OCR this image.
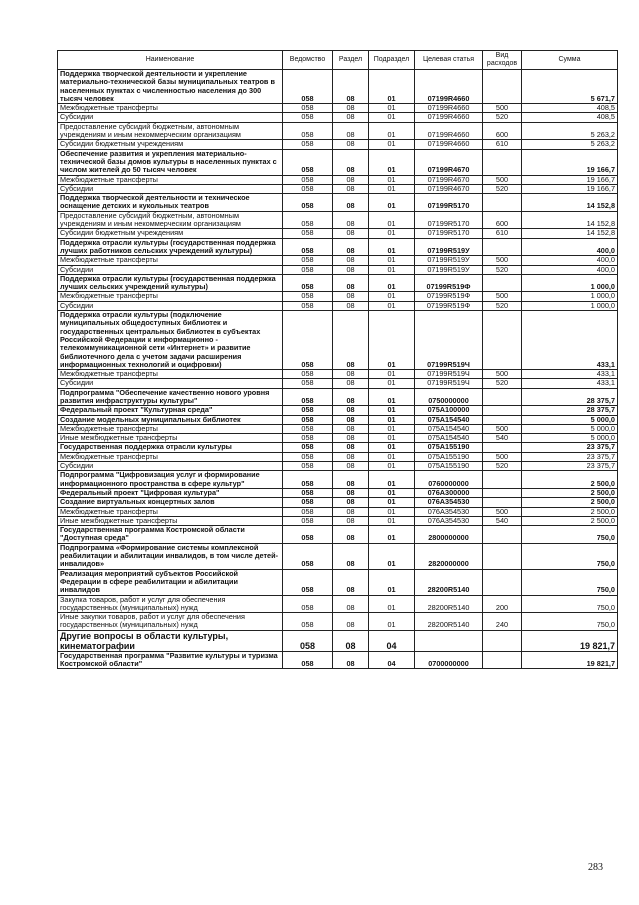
Наименование	Ведомство	Раздел	Подраздел	Целевая статья	Вид расходов	Сумма
Поддержка творческой деятельности и укрепление материально-технической базы муниципальных театров в населенных пунктах с численностью населения до 300 тысяч человек	058	08	01	07199R4660		5 671,7
Межбюджетные трансферты	058	08	01	07199R4660	500	408,5
Субсидии	058	08	01	07199R4660	520	408,5
Предоставление субсидий бюджетным, автономным учреждениям и иным некоммерческим организациям	058	08	01	07199R4660	600	5 263,2
Субсидии бюджетным учреждениям	058	08	01	07199R4660	610	5 263,2
Обеспечение развития и укрепления материально-технической базы домов культуры в населенных пунктах с числом жителей до 50 тысяч человек	058	08	01	07199R4670		19 166,7
Межбюджетные трансферты	058	08	01	07199R4670	500	19 166,7
Субсидии	058	08	01	07199R4670	520	19 166,7
Поддержка творческой деятельности и техническое оснащение детских и кукольных театров	058	08	01	07199R5170		14 152,8
Предоставление субсидий бюджетным, автономным учреждениям и иным некоммерческим организациям	058	08	01	07199R5170	600	14 152,8
Субсидии бюджетным учреждениям	058	08	01	07199R5170	610	14 152,8
Поддержка отрасли культуры (государственная поддержка лучших работников сельских учреждений культуры)	058	08	01	07199R519У		400,0
Межбюджетные трансферты	058	08	01	07199R519У	500	400,0
Субсидии	058	08	01	07199R519У	520	400,0
Поддержка отрасли культуры (государственная поддержка лучших сельских учреждений культуры)	058	08	01	07199R519Ф		1 000,0
Межбюджетные трансферты	058	08	01	07199R519Ф	500	1 000,0
Субсидии	058	08	01	07199R519Ф	520	1 000,0
Поддержка отрасли культуры (подключение муниципальных общедоступных библиотек и государственных центральных библиотек в субъектах Российской Федерации к информационно - телекоммуникационной сети «Интернет» и развитие библиотечного дела с учетом задачи расширения информационных технологий и оцифровки)	058	08	01	07199R519Ч		433,1
Межбюджетные трансферты	058	08	01	07199R519Ч	500	433,1
Субсидии	058	08	01	07199R519Ч	520	433,1
Подпрограмма "Обеспечение качественно нового уровня развития инфраструктуры культуры"	058	08	01	0750000000		28 375,7
Федеральный проект "Культурная среда"	058	08	01	075A100000		28 375,7
Создание модельных муниципальных библиотек	058	08	01	075A154540		5 000,0
Межбюджетные трансферты	058	08	01	075A154540	500	5 000,0
Иные межбюджетные трансферты	058	08	01	075A154540	540	5 000,0
Государственная поддержка отрасли культуры	058	08	01	075A155190		23 375,7
Межбюджетные трансферты	058	08	01	075A155190	500	23 375,7
Субсидии	058	08	01	075A155190	520	23 375,7
Подпрограмма "Цифровизация услуг и формирование информационного пространства в сфере культур"	058	08	01	0760000000		2 500,0
Федеральный проект "Цифровая культура"	058	08	01	076A300000		2 500,0
Создание виртуальных концертных залов	058	08	01	076A354530		2 500,0
Межбюджетные трансферты	058	08	01	076A354530	500	2 500,0
Иные межбюджетные трансферты	058	08	01	076A354530	540	2 500,0
Государственная программа Костромской области "Доступная среда"	058	08	01	2800000000		750,0
Подпрограмма «Формирование системы комплексной реабилитации и абилитации инвалидов, в том числе детей-инвалидов»	058	08	01	2820000000		750,0
Реализация мероприятий субъектов Российской Федерации в сфере реабилитации и абилитации инвалидов	058	08	01	28200R5140		750,0
Закупка товаров, работ и услуг для обеспечения государственных (муниципальных) нужд	058	08	01	28200R5140	200	750,0
Иные закупки товаров, работ и услуг для обеспечения государственных (муниципальных) нужд	058	08	01	28200R5140	240	750,0
Другие вопросы в области культуры, кинематографии	058	08	04			19 821,7
Государственная программа "Развитие культуры и туризма Костромской области"	058	08	04	0700000000		19 821,7
283
